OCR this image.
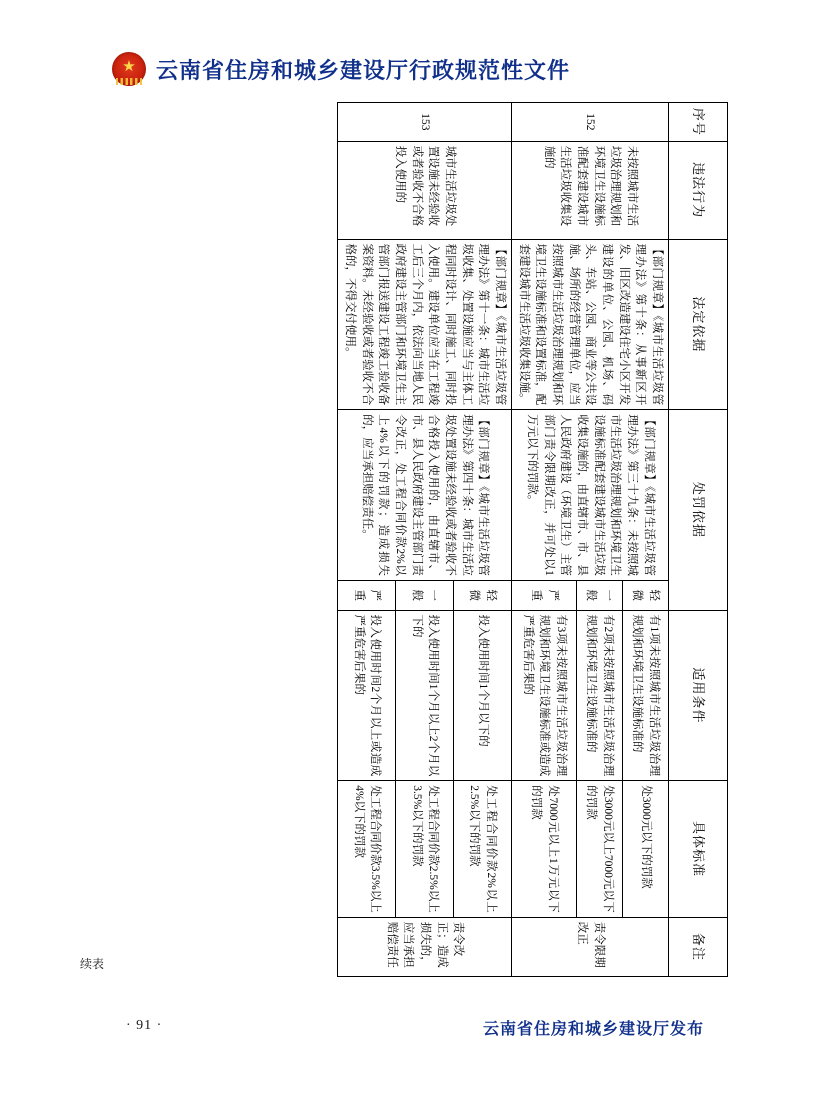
★ 云南省住房和城乡建设厅行政规范性文件
续表
序号	违法行为	法定依据	处罚依据		适用条件	具体标准	备注
152	未按照城市生活垃圾治理规划和环境卫生设施标准配套建设城市生活垃圾收集设施的	【部门规章】《城市生活垃圾管理办法》第十条：从事新区开发、旧区改造建设住宅小区开发建设的单位、公园、机场、码头、车站、公园、商业等公共设施、场所的经营管理单位，应当按照城市生活垃圾治理规划和环境卫生设施标准和设置标准，配套建设城市生活垃圾收集设施。	【部门规章】《城市生活垃圾管理办法》第三十九条：未按照城市生活垃圾治理规划和环境卫生设施标准配套建设城市生活垃圾收集设施的，由直辖市、市、县人民政府建设（环境卫生）主管部门责令限期改正，并可处以1万元以下的罚款。	轻微	有1项未按照城市生活垃圾治理规划和环境卫生设施标准的	处3000元以下的罚款	责令限期改正

				一般	有2项未按照城市生活垃圾治理规划和环境卫生设施标准的	处3000元以上7000元以下的罚款	

				严重	有3项未按照城市生活垃圾治理规划和环境卫生设施标准或造成严重危害后果的	处7000元以上1万元以下的罚款	

153	城市生活垃圾处置设施未经验收或者验收不合格投入使用的	【部门规章】《城市生活垃圾管理办法》第十一条：城市生活垃圾收集、处置设施应当与主体工程同时设计、同时施工、同时投入使用。建设单位应当在工程竣工后三个月内，依法向当地人民政府建设主管部门和环境卫生主管部门报送建设工程竣工验收备案资料。未经验收或者验收不合格的，不得交付使用。	【部门规章】《城市生活垃圾管理办法》第四十条：城市生活垃圾处置设施未经验收或者验收不合格投入使用的，由直辖市、市、县人民政府建设主管部门责令改正，处工程合同价款2%以上4%以下的罚款；造成损失的，应当承担赔偿责任。	轻微	投入使用时间1个月以下的	处工程合同价款2%以上2.5%以下的罚款	责令改正；造成损失的，应当承担赔偿责任

				一般	投入使用时间1个月以上2个月以下的	处工程合同价款2.5%以上3.5%以下的罚款	

				严重	投入使用时间2个月以上或造成严重危害后果的	处工程合同价款3.5%以上4%以下的罚款	
· 91 ·	云南省住房和城乡建设厅发布
